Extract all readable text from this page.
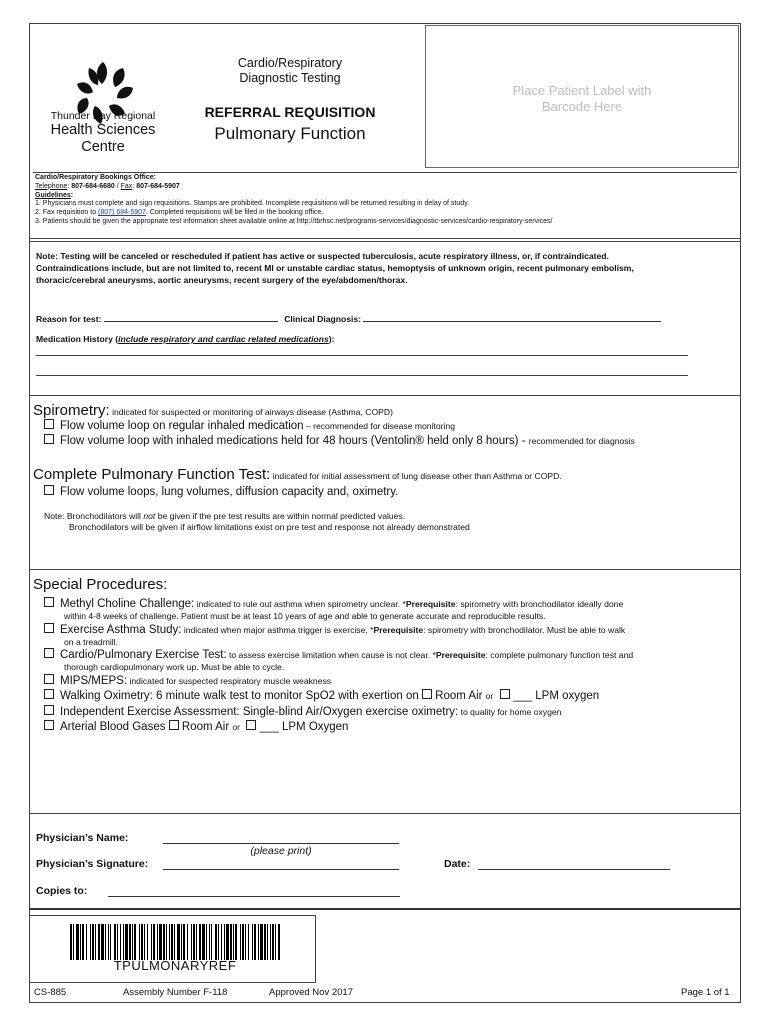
Thunder Bay Regional
Health Sciences
Centre
Cardio/Respiratory
Diagnostic Testing
REFERRAL REQUISITION
Pulmonary Function
Place Patient Label with
Barcode Here
Cardio/Respiratory Bookings Office:
Telephone: 807-684-6680 / Fax: 807-684-5907
Guidelines:
1. Physicians must complete and sign requisitions. Stamps are prohibited. Incomplete requisitions will be returned resulting in delay of study.
2. Fax requisition to (807) 684-5907. Completed requisitions will be filed in the booking office.
3. Patients should be given the appropriate test information sheet available online at http://tbrhsc.net/programs-services/diagnostic-services/cardio-respiratory-services/
Note: Testing will be canceled or rescheduled if patient has active or suspected tuberculosis, acute respiratory illness, or, if contraindicated.
Contraindications include, but are not limited to, recent MI or unstable cardiac status, hemoptysis of unknown origin, recent pulmonary embolism,
thoracic/cerebral aneurysms, aortic aneurysms, recent surgery of the eye/abdomen/thorax.
Reason for test:	Clinical Diagnosis:
Medication History (include respiratory and cardiac related medications):
Spirometry: indicated for suspected or monitoring of airways disease (Asthma, COPD)
Flow volume loop on regular inhaled medication – recommended for disease monitoring
Flow volume loop with inhaled medications held for 48 hours (Ventolin® held only 8 hours) - recommended for diagnosis
Complete Pulmonary Function Test: indicated for initial assessment of lung disease other than Asthma or COPD.
Flow volume loops, lung volumes, diffusion capacity and, oximetry.
Note: Bronchodilators will not be given if the pre test results are within normal predicted values.
Bronchodilators will be given if airflow limitations exist on pre test and response not already demonstrated
Special Procedures:
Methyl Choline Challenge: indicated to rule out asthma when spirometry unclear. *Prerequisite: spirometry with bronchodilator ideally done
within 4-8 weeks of challenge. Patient must be at least 10 years of age and able to generate accurate and reproducible results.
Exercise Asthma Study: indicated when major asthma trigger is exercise. *Prerequisite: spirometry with bronchodilator. Must be able to walk
on a treadmill.
Cardio/Pulmonary Exercise Test: to assess exercise limitation when cause is not clear. *Prerequisite: complete pulmonary function test and
thorough cardiopulmonary work up. Must be able to cycle.
MIPS/MEPS: indicated for suspected respiratory muscle weakness
Walking Oximetry: 6 minute walk test to monitor SpO2 with exertion on  Room Air or   ___ LPM oxygen
Independent Exercise Assessment: Single-blind Air/Oxygen exercise oximetry: to quality for home oxygen
Arterial Blood Gases  Room Air or   ___ LPM Oxygen
Physician’s Name:
(please print)
Physician’s Signature:	Date:
Copies to:
TPULMONARYREF
CS-885	Assembly Number F-118	Approved Nov 2017	Page 1 of 1
